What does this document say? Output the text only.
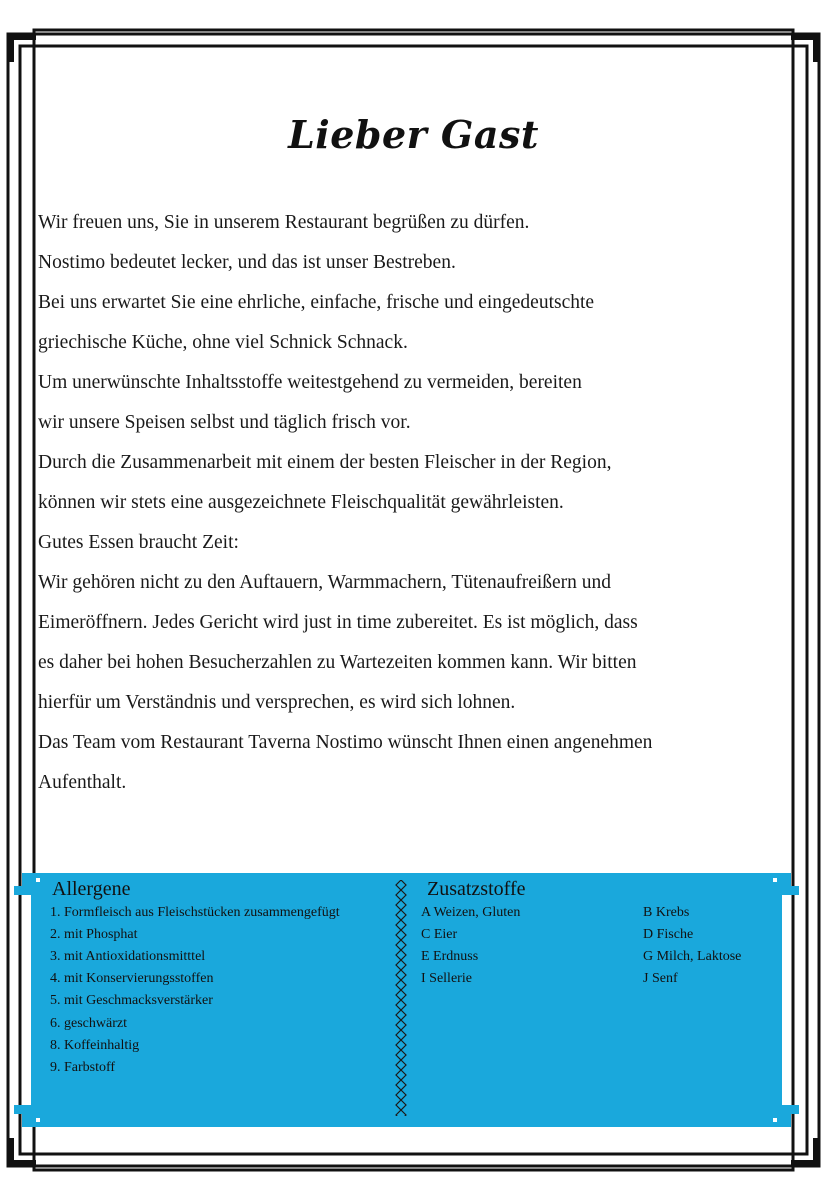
Lieber Gast
Wir freuen uns, Sie in unserem Restaurant begrüßen zu dürfen.
Nostimo bedeutet lecker, und das ist unser Bestreben.
Bei uns erwartet Sie eine ehrliche, einfache, frische und eingedeutschte
griechische Küche, ohne viel Schnick Schnack.
Um unerwünschte Inhaltsstoffe weitestgehend zu vermeiden, bereiten
wir unsere Speisen selbst und täglich frisch vor.
Durch die Zusammenarbeit mit einem der besten Fleischer in der Region,
können wir stets eine ausgezeichnete Fleischqualität gewährleisten.
Gutes Essen braucht Zeit:
Wir gehören nicht zu den Auftauern, Warmmachern, Tütenaufreißern und
Eimeröffnern. Jedes Gericht wird just in time zubereitet. Es ist möglich, dass
es daher bei hohen Besucherzahlen zu Wartezeiten kommen kann. Wir bitten
hierfür um Verständnis und versprechen, es wird sich lohnen.
Das Team vom Restaurant Taverna Nostimo wünscht Ihnen einen angenehmen
Aufenthalt.
Allergene
1. Formfleisch aus Fleischstücken zusammengefügt
2. mit Phosphat
3. mit Antioxidationsmitttel
4. mit Konservierungsstoffen
5. mit Geschmacksverstärker
6. geschwärzt
8. Koffeinhaltig
9. Farbstoff
Zusatzstoffe
A Weizen, Gluten
C Eier
E Erdnuss
I Sellerie
B Krebs
D Fische
G Milch, Laktose
J Senf
